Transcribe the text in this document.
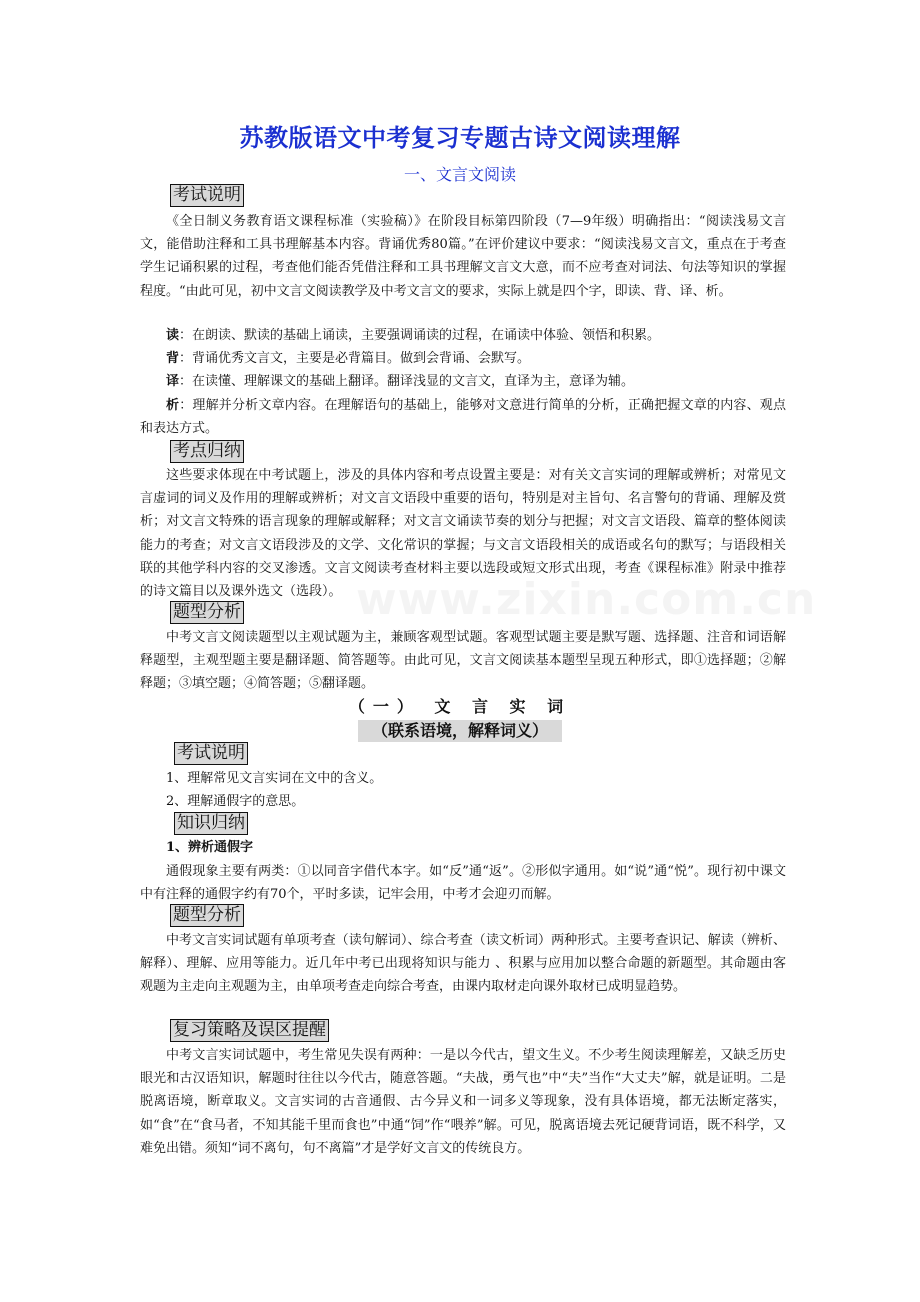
苏教版语文中考复习专题古诗文阅读理解
一、文言文阅读
考试说明

《全日制义务教育语文课程标准（实验稿）》在阶段目标第四阶段（7—9年级）明确指出：“阅读浅易文言文，能借助注释和工具书理解基本内容。背诵优秀80篇。”在评价建议中要求：“阅读浅易文言文，重点在于考查学生记诵积累的过程，考查他们能否凭借注释和工具书理解文言文大意，而不应考查对词法、句法等知识的掌握程度。“由此可见，初中文言文阅读教学及中考文言文的要求，实际上就是四个字，即读、背、译、析。

读：在朗读、默读的基础上诵读，主要强调诵读的过程，在诵读中体验、领悟和积累。

背：背诵优秀文言文，主要是必背篇目。做到会背诵、会默写。

译：在读懂、理解课文的基础上翻译。翻译浅显的文言文，直译为主，意译为辅。

析：理解并分析文章内容。在理解语句的基础上，能够对文意进行简单的分析，正确把握文章的内容、观点和表达方式。

考点归纳

这些要求体现在中考试题上，涉及的具体内容和考点设置主要是：对有关文言实词的理解或辨析；对常见文言虚词的词义及作用的理解或辨析；对文言文语段中重要的语句，特别是对主旨句、名言警句的背诵、理解及赏析；对文言文特殊的语言现象的理解或解释；对文言文诵读节奏的划分与把握；对文言文语段、篇章的整体阅读能力的考查；对文言文语段涉及的文学、文化常识的掌握；与文言文语段相关的成语或名句的默写；与语段相关联的其他学科内容的交叉渗透。文言文阅读考查材料主要以选段或短文形式出现，考查《课程标准》附录中推荐的诗文篇目以及课外选文（选段）。

题型分析

中考文言文阅读题型以主观试题为主，兼顾客观型试题。客观型试题主要是默写题、选择题、注音和词语解释题型，主观型题主要是翻译题、简答题等。由此可见，文言文阅读基本题型呈现五种形式，即①选择题；②解释题；③填空题；④简答题；⑤翻译题。

（一） 文 言 实 词
（联系语境，解释词义）
考试说明

1、理解常见文言实词在文中的含义。

2、理解通假字的意思。

知识归纳

1、辨析通假字

通假现象主要有两类：①以同音字借代本字。如“反”通“返”。②形似字通用。如“说”通“悦”。现行初中课文中有注释的通假字约有70个，平时多读，记牢会用，中考才会迎刃而解。

题型分析

中考文言实词试题有单项考查（读句解词）、综合考查（读文析词）两种形式。主要考查识记、解读（辨析、解释）、理解、应用等能力。近几年中考已出现将知识与能力 、积累与应用加以整合命题的新题型。其命题由客观题为主走向主观题为主，由单项考查走向综合考查，由课内取材走向课外取材已成明显趋势。

复习策略及误区提醒

中考文言实词试题中，考生常见失误有两种：一是以今代古，望文生义。不少考生阅读理解差，又缺乏历史眼光和古汉语知识，解题时往往以今代古，随意答题。“夫战，勇气也”中“夫”当作“大丈夫”解，就是证明。二是脱离语境，断章取义。文言实词的古音通假、古今异义和一词多义等现象，没有具体语境，都无法断定落实，如“食”在“食马者，不知其能千里而食也”中通“饲”作“喂养”解。可见，脱离语境去死记硬背词语，既不科学，又难免出错。须知“词不离句，句不离篇”才是学好文言文的传统良方。
